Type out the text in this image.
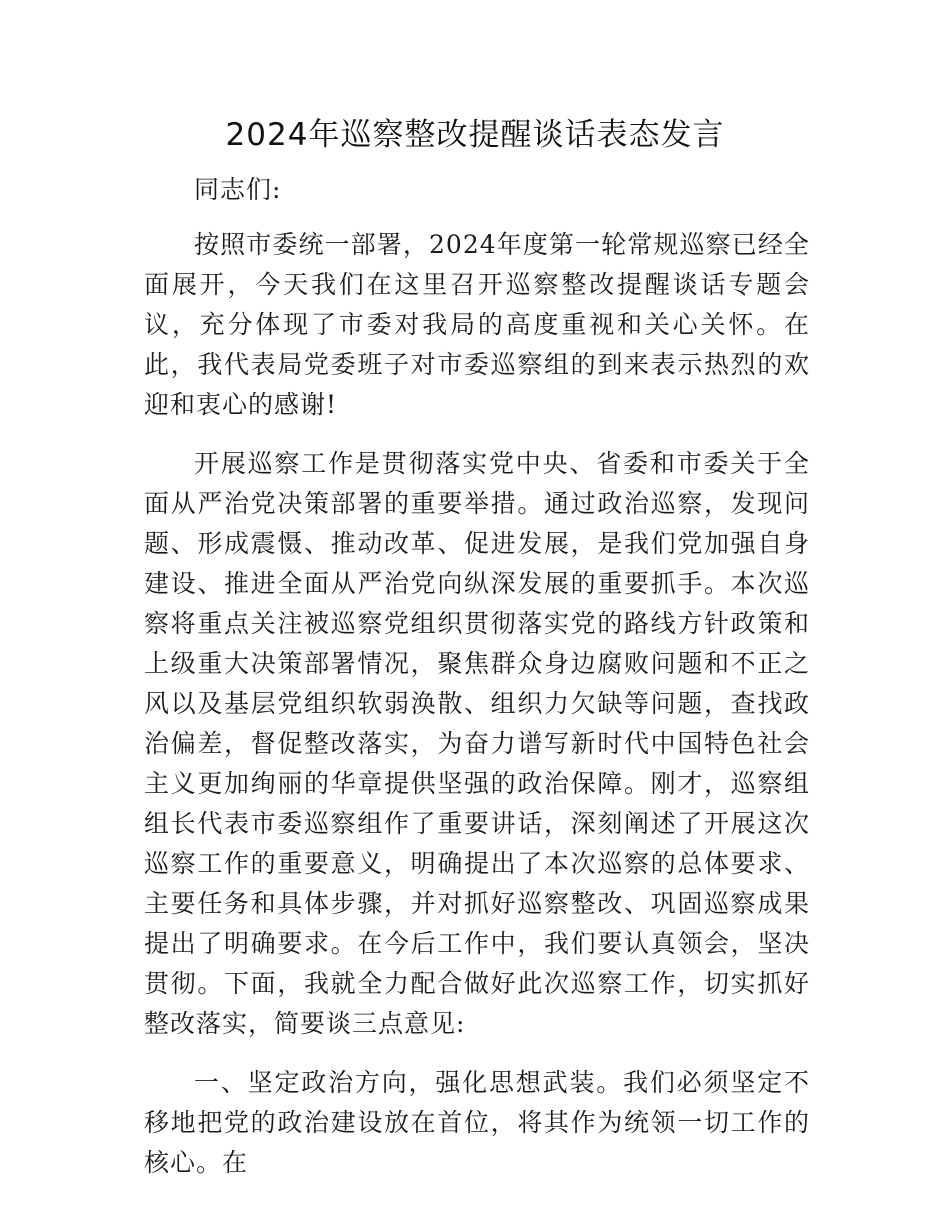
2024年巡察整改提醒谈话表态发言

同志们:

按照市委统一部署，2024年度第一轮常规巡察已经全面展开，今天我们在这里召开巡察整改提醒谈话专题会议，充分体现了市委对我局的高度重视和关心关怀。在此，我代表局党委班子对市委巡察组的到来表示热烈的欢迎和衷心的感谢!

开展巡察工作是贯彻落实党中央、省委和市委关于全面从严治党决策部署的重要举措。通过政治巡察，发现问题、形成震慑、推动改革、促进发展，是我们党加强自身建设、推进全面从严治党向纵深发展的重要抓手。本次巡察将重点关注被巡察党组织贯彻落实党的路线方针政策和上级重大决策部署情况，聚焦群众身边腐败问题和不正之风以及基层党组织软弱涣散、组织力欠缺等问题，查找政治偏差，督促整改落实，为奋力谱写新时代中国特色社会主义更加绚丽的华章提供坚强的政治保障。刚才，巡察组组长代表市委巡察组作了重要讲话，深刻阐述了开展这次巡察工作的重要意义，明确提出了本次巡察的总体要求、主要任务和具体步骤，并对抓好巡察整改、巩固巡察成果提出了明确要求。在今后工作中，我们要认真领会，坚决贯彻。下面，我就全力配合做好此次巡察工作，切实抓好整改落实，简要谈三点意见:

一、坚定政治方向，强化思想武装。我们必须坚定不移地把党的政治建设放在首位，将其作为统领一切工作的核心。在
